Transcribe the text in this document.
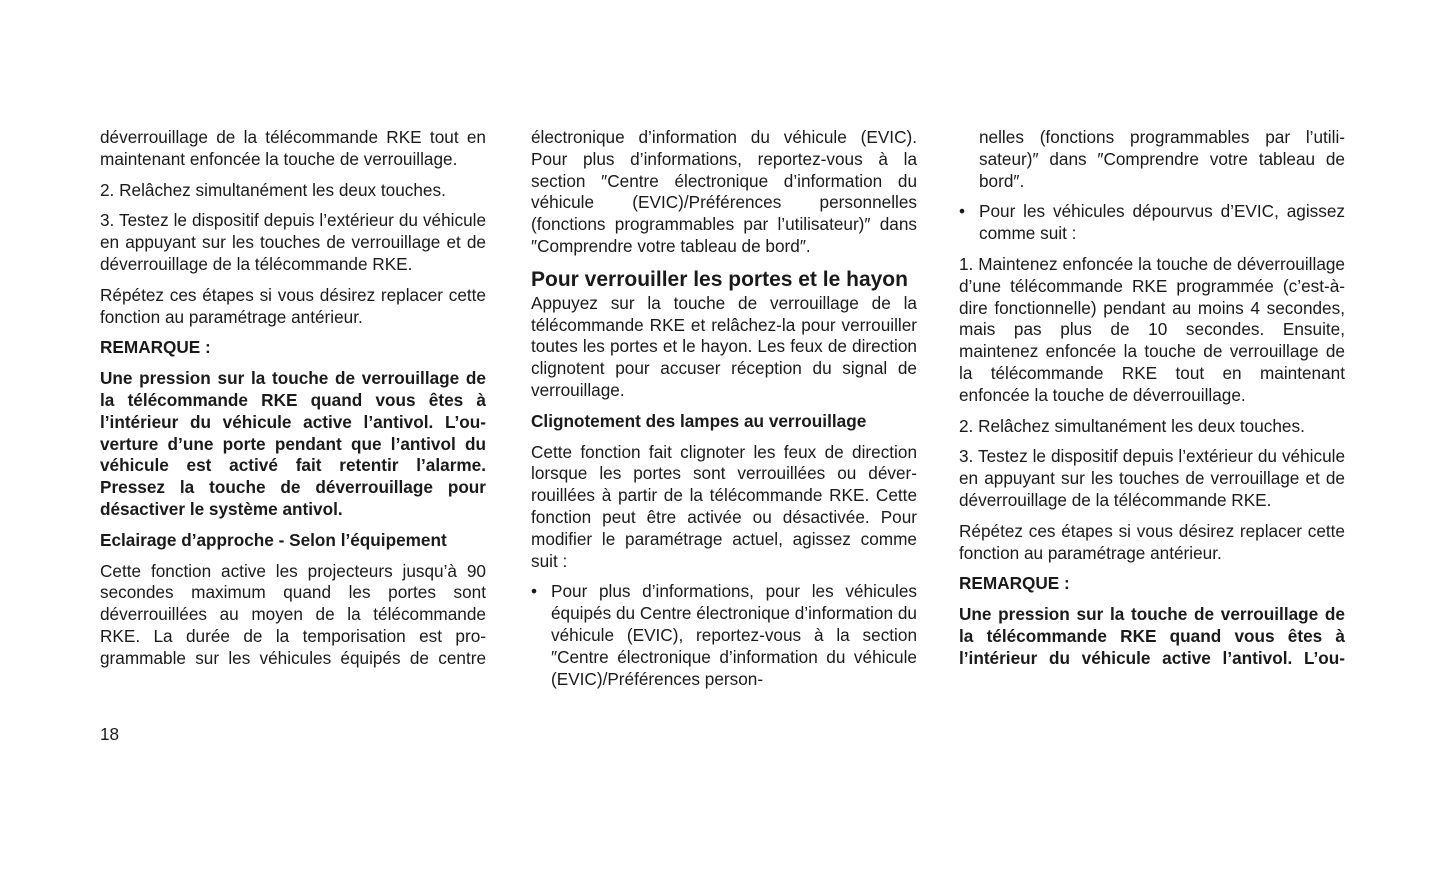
déverrouillage de la télécommande RKE tout en maintenant enfoncée la touche de verrouillage.

2. Relâchez simultanément les deux touches.

3. Testez le dispositif depuis l’extérieur du véhicule en appuyant sur les touches de verrouillage et de déverrouillage de la télécommande RKE.

Répétez ces étapes si vous désirez replacer cette fonction au paramétrage antérieur.

REMARQUE :

Une pression sur la touche de verrouillage de la télécommande RKE quand vous êtes à l’intérieur du véhicule active l’antivol. L’ouverture d’une porte pendant que l’antivol du véhicule est activé fait retentir l’alarme. Pressez la touche de déverrouillage pour désactiver le système antivol.

Eclairage d’approche - Selon l’équipement

Cette fonction active les projecteurs jusqu’à 90 secondes maximum quand les portes sont déverrouillées au moyen de la télécommande RKE. La durée de la temporisation est programmable sur les véhicules équipés de centre

électronique d’information du véhicule (EVIC). Pour plus d’informations, reportez-vous à la section ″Centre électronique d’information du véhicule (EVIC)/Préférences personnelles (fonctions programmables par l’utilisateur)″ dans ″Comprendre votre tableau de bord″.

Pour verrouiller les portes et le hayon

Appuyez sur la touche de verrouillage de la télécommande RKE et relâchez-la pour verrouiller toutes les portes et le hayon. Les feux de direction clignotent pour accuser réception du signal de verrouillage.

Clignotement des lampes au verrouillage

Cette fonction fait clignoter les feux de direction lorsque les portes sont verrouillées ou déverrouillées à partir de la télécommande RKE. Cette fonction peut être activée ou désactivée. Pour modifier le paramétrage actuel, agissez comme suit :

• Pour plus d’informations, pour les véhicules équipés du Centre électronique d’information du véhicule (EVIC), reportez-vous à la section ″Centre électronique d’information du véhicule (EVIC)/Préférences person-

nelles (fonctions programmables par l’utilisateur)″ dans ″Comprendre votre tableau de bord″.

• Pour les véhicules dépourvus d’EVIC, agissez comme suit :

1. Maintenez enfoncée la touche de déverrouillage d’une télécommande RKE programmée (c’est-à-dire fonctionnelle) pendant au moins 4 secondes, mais pas plus de 10 secondes. Ensuite, maintenez enfoncée la touche de verrouillage de la télécommande RKE tout en maintenant enfoncée la touche de déverrouillage.

2. Relâchez simultanément les deux touches.

3. Testez le dispositif depuis l’extérieur du véhicule en appuyant sur les touches de verrouillage et de déverrouillage de la télécommande RKE.

Répétez ces étapes si vous désirez replacer cette fonction au paramétrage antérieur.

REMARQUE :

Une pression sur la touche de verrouillage de la télécommande RKE quand vous êtes à l’intérieur du véhicule active l’antivol. L’ou-

18
